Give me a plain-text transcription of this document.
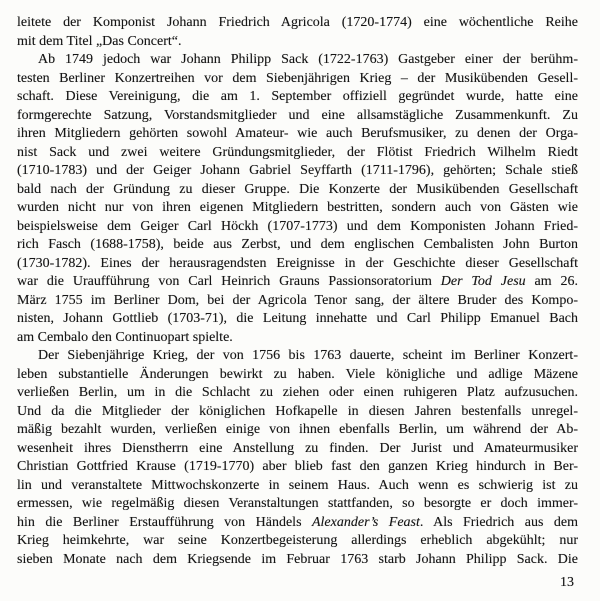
leitete der Komponist Johann Friedrich Agricola (1720-1774) eine wöchentliche Reihe
mit dem Titel „Das Concert“.
Ab 1749 jedoch war Johann Philipp Sack (1722-1763) Gastgeber einer der berühm-
testen Berliner Konzertreihen vor dem Siebenjährigen Krieg – der Musikübenden Gesell-
schaft. Diese Vereinigung, die am 1. September offiziell gegründet wurde, hatte eine
formgerechte Satzung, Vorstandsmitglieder und eine allsamstägliche Zusammenkunft. Zu
ihren Mitgliedern gehörten sowohl Amateur- wie auch Berufsmusiker, zu denen der Orga-
nist Sack und zwei weitere Gründungsmitglieder, der Flötist Friedrich Wilhelm Riedt
(1710-1783) und der Geiger Johann Gabriel Seyffarth (1711-1796), gehörten; Schale stieß
bald nach der Gründung zu dieser Gruppe. Die Konzerte der Musikübenden Gesellschaft
wurden nicht nur von ihren eigenen Mitgliedern bestritten, sondern auch von Gästen wie
beispielsweise dem Geiger Carl Höckh (1707-1773) und dem Komponisten Johann Fried-
rich Fasch (1688-1758), beide aus Zerbst, und dem englischen Cembalisten John Burton
(1730-1782). Eines der herausragendsten Ereignisse in der Geschichte dieser Gesellschaft
war die Uraufführung von Carl Heinrich Grauns Passionsoratorium Der Tod Jesu am 26.
März 1755 im Berliner Dom, bei der Agricola Tenor sang, der ältere Bruder des Kompo-
nisten, Johann Gottlieb (1703-71), die Leitung innehatte und Carl Philipp Emanuel Bach
am Cembalo den Continuopart spielte.
Der Siebenjährige Krieg, der von 1756 bis 1763 dauerte, scheint im Berliner Konzert-
leben substantielle Änderungen bewirkt zu haben. Viele königliche und adlige Mäzene
verließen Berlin, um in die Schlacht zu ziehen oder einen ruhigeren Platz aufzusuchen.
Und da die Mitglieder der königlichen Hofkapelle in diesen Jahren bestenfalls unregel-
mäßig bezahlt wurden, verließen einige von ihnen ebenfalls Berlin, um während der Ab-
wesenheit ihres Dienstherrn eine Anstellung zu finden. Der Jurist und Amateurmusiker
Christian Gottfried Krause (1719-1770) aber blieb fast den ganzen Krieg hindurch in Ber-
lin und veranstaltete Mittwochskonzerte in seinem Haus. Auch wenn es schwierig ist zu
ermessen, wie regelmäßig diesen Veranstaltungen stattfanden, so besorgte er doch immer-
hin die Berliner Erstaufführung von Händels Alexander’s Feast. Als Friedrich aus dem
Krieg heimkehrte, war seine Konzertbegeisterung allerdings erheblich abgekühlt; nur
sieben Monate nach dem Kriegsende im Februar 1763 starb Johann Philipp Sack. Die
13
